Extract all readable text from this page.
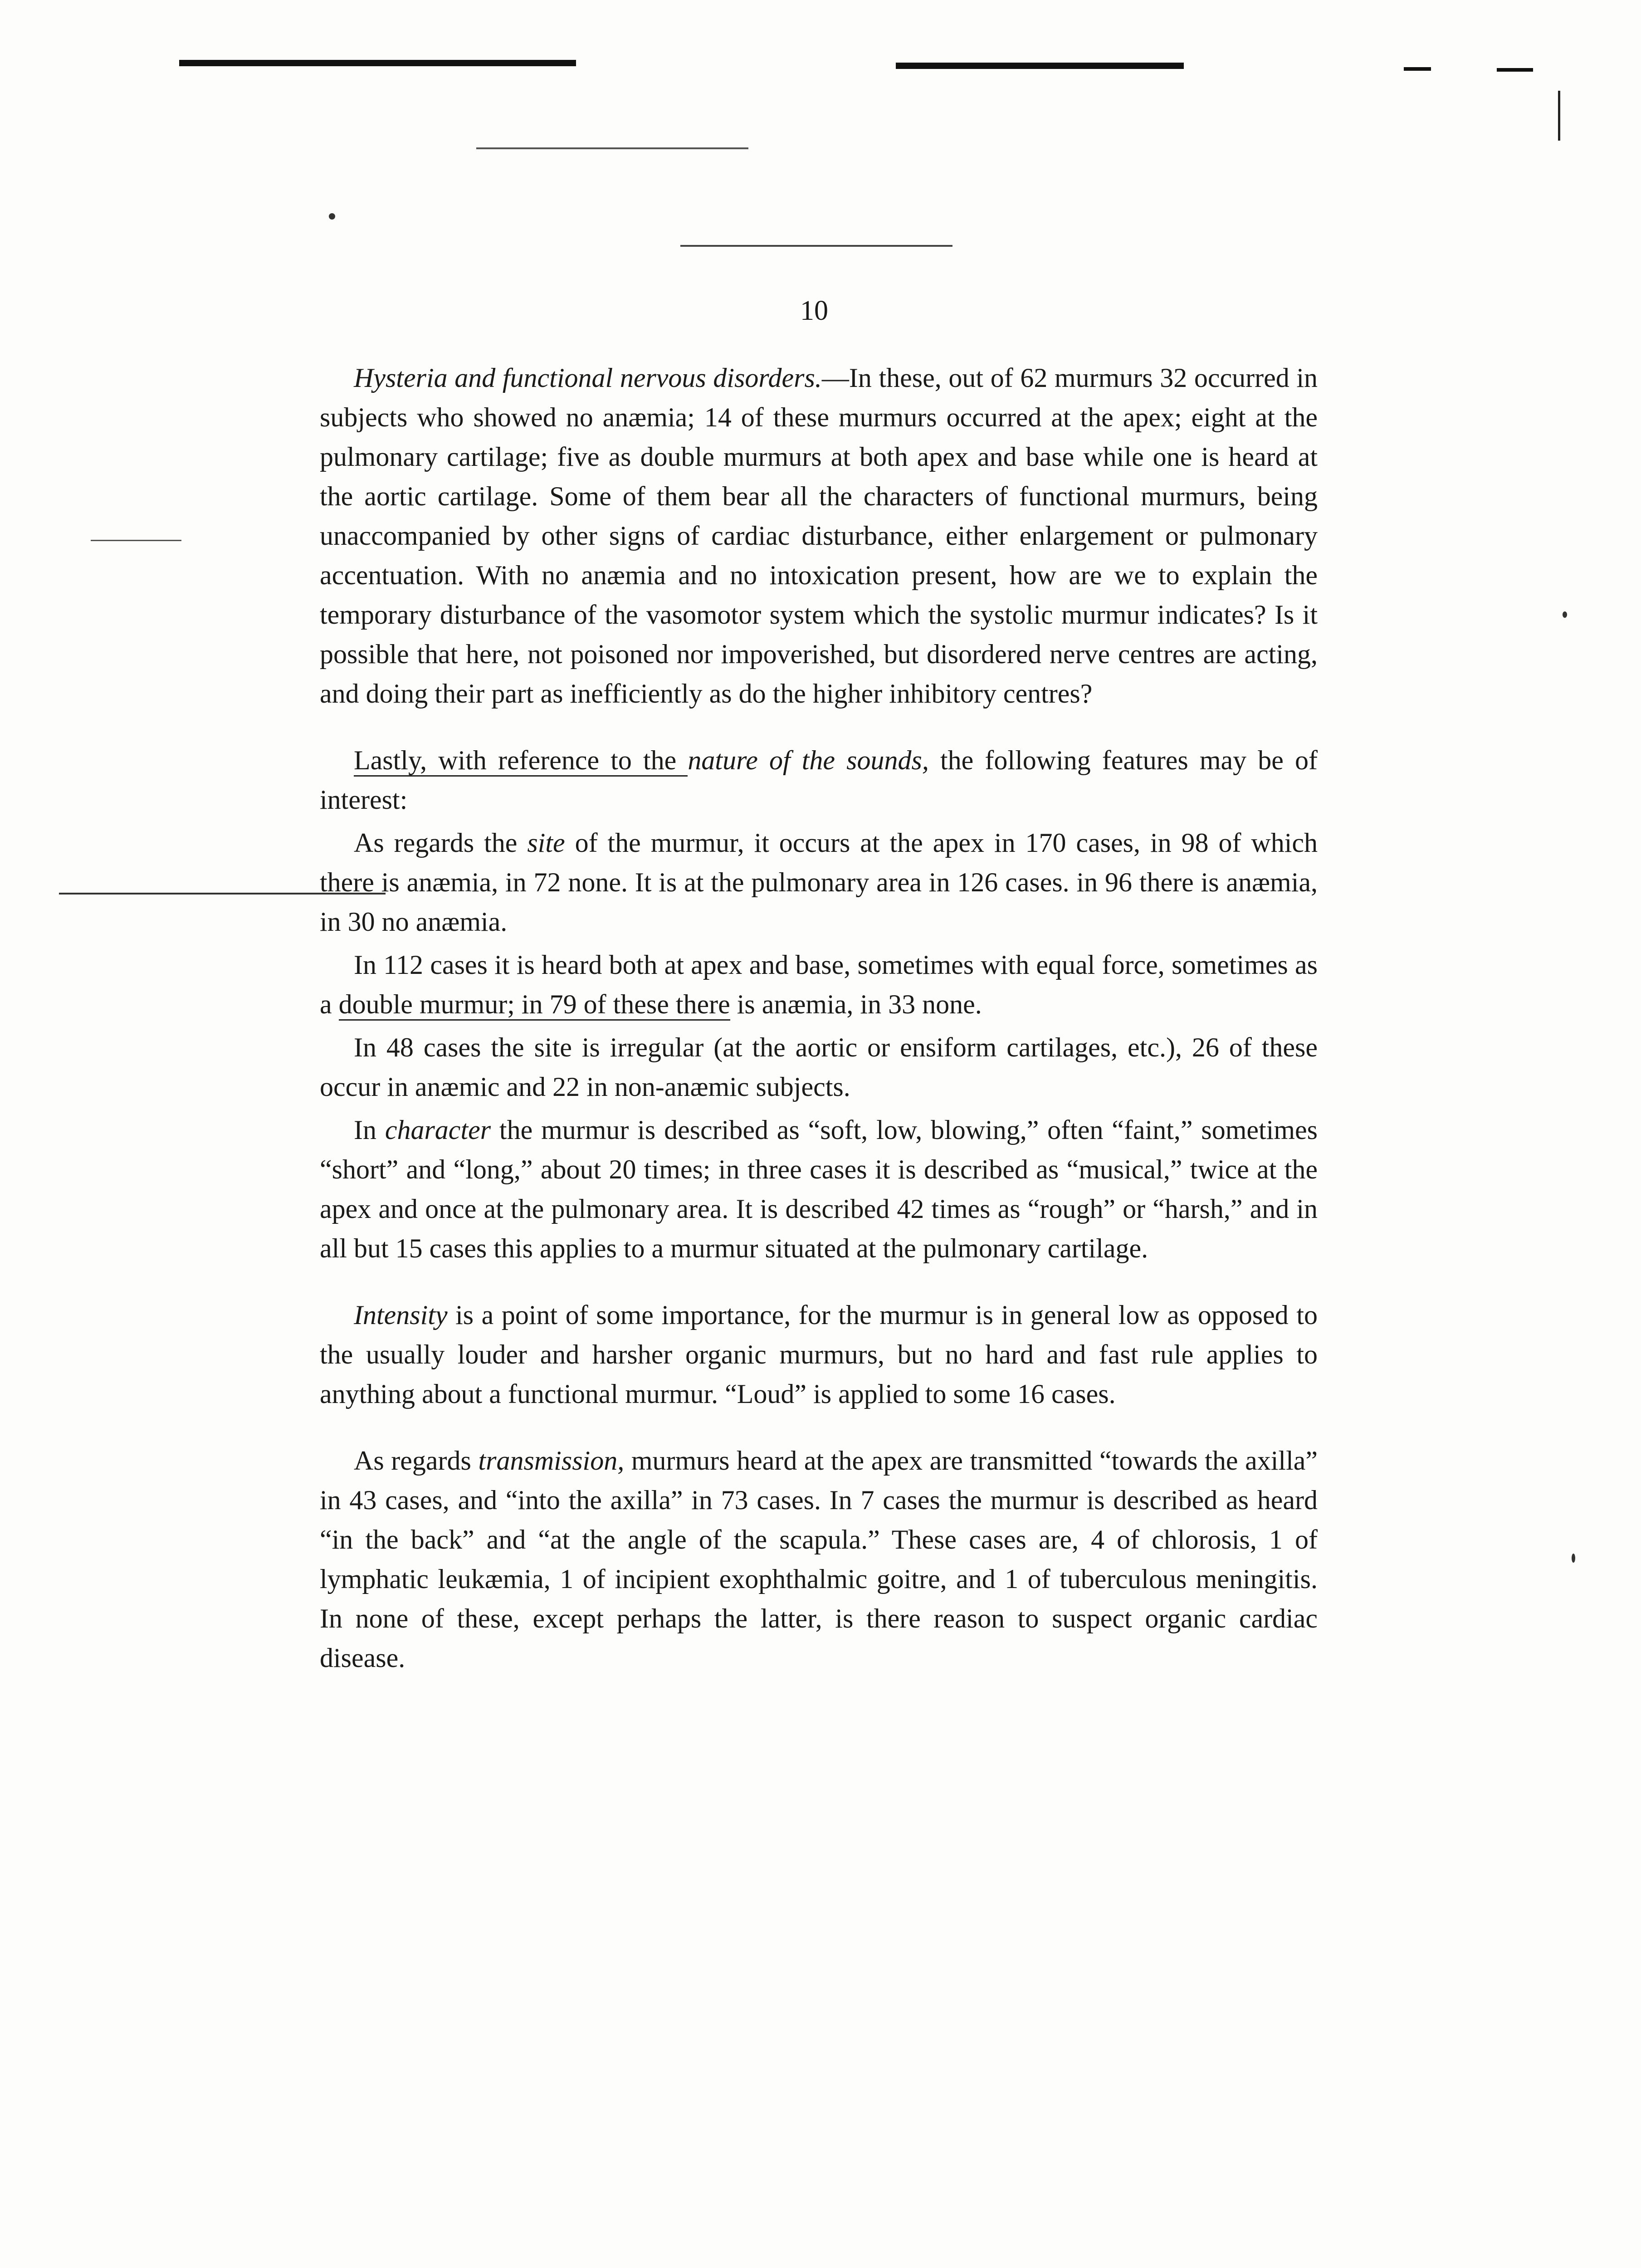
10

Hysteria and functional nervous disorders.—In these, out of 62 murmurs 32 occurred in subjects who showed no anæmia; 14 of these murmurs occurred at the apex; eight at the pulmonary cartilage; five as double murmurs at both apex and base while one is heard at the aortic cartilage. Some of them bear all the characters of functional murmurs, being unaccompanied by other signs of cardiac disturbance, either enlargement or pulmonary accentuation. With no anæmia and no intoxication present, how are we to explain the temporary disturbance of the vasomotor system which the systolic murmur indicates? Is it possible that here, not poisoned nor impoverished, but disordered nerve centres are acting, and doing their part as inefficiently as do the higher inhibitory centres?

Lastly, with reference to the nature of the sounds, the following features may be of interest:

As regards the site of the murmur, it occurs at the apex in 170 cases, in 98 of which there is anæmia, in 72 none. It is at the pulmonary area in 126 cases. in 96 there is anæmia, in 30 no anæmia.

In 112 cases it is heard both at apex and base, sometimes with equal force, sometimes as a double murmur; in 79 of these there is anæmia, in 33 none.

In 48 cases the site is irregular (at the aortic or ensiform cartilages, etc.), 26 of these occur in anæmic and 22 in non-anæmic subjects.

In character the murmur is described as “soft, low, blowing,” often “faint,” sometimes “short” and “long,” about 20 times; in three cases it is described as “musical,” twice at the apex and once at the pulmonary area. It is described 42 times as “rough” or “harsh,” and in all but 15 cases this applies to a murmur situated at the pulmonary cartilage.

Intensity is a point of some importance, for the murmur is in general low as opposed to the usually louder and harsher organic murmurs, but no hard and fast rule applies to anything about a functional murmur. “Loud” is applied to some 16 cases.

As regards transmission, murmurs heard at the apex are transmitted “towards the axilla” in 43 cases, and “into the axilla” in 73 cases. In 7 cases the murmur is described as heard “in the back” and “at the angle of the scapula.” These cases are, 4 of chlorosis, 1 of lymphatic leukæmia, 1 of incipient exophthalmic goitre, and 1 of tuberculous meningitis. In none of these, except perhaps the latter, is there reason to suspect organic cardiac disease.
